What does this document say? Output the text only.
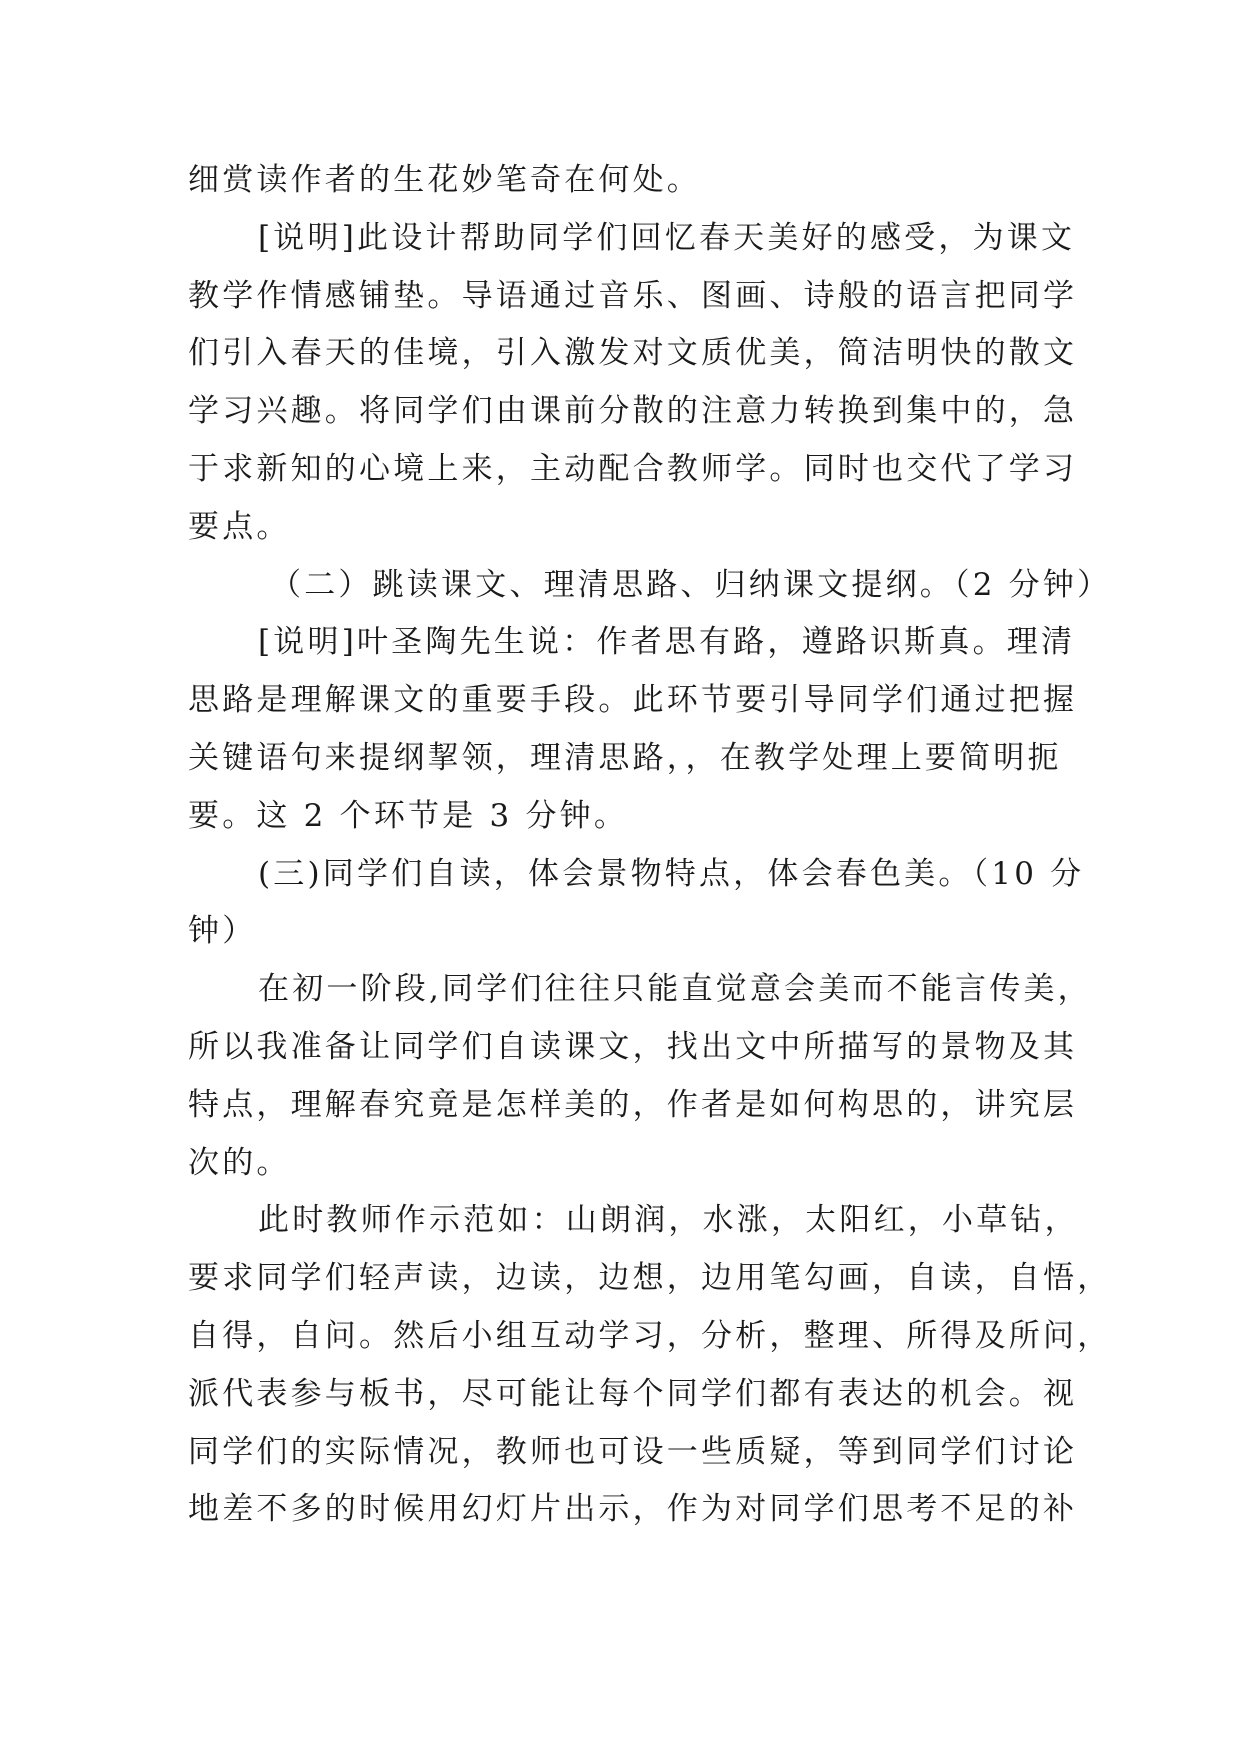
细赏读作者的生花妙笔奇在何处。
[说明]此设计帮助同学们回忆春天美好的感受，为课文
教学作情感铺垫。导语通过音乐、图画、诗般的语言把同学
们引入春天的佳境，引入激发对文质优美，简洁明快的散文
学习兴趣。将同学们由课前分散的注意力转换到集中的，急
于求新知的心境上来，主动配合教师学。同时也交代了学习
要点。
（二）跳读课文、理清思路、归纳课文提纲。（2 分钟）
[说明]叶圣陶先生说：作者思有路，遵路识斯真。理清
思路是理解课文的重要手段。此环节要引导同学们通过把握
关键语句来提纲挈领，理清思路，，在教学处理上要简明扼
要。这 2 个环节是 3 分钟。
(三)同学们自读，体会景物特点，体会春色美。（10 分
钟）
在初一阶段,同学们往往只能直觉意会美而不能言传美，
所以我准备让同学们自读课文，找出文中所描写的景物及其
特点，理解春究竟是怎样美的，作者是如何构思的，讲究层
次的。
此时教师作示范如：山朗润，水涨，太阳红，小草钻，
要求同学们轻声读，边读，边想，边用笔勾画，自读，自悟，
自得，自问。然后小组互动学习，分析，整理、所得及所问，
派代表参与板书，尽可能让每个同学们都有表达的机会。视
同学们的实际情况，教师也可设一些质疑，等到同学们讨论
地差不多的时候用幻灯片出示，作为对同学们思考不足的补
